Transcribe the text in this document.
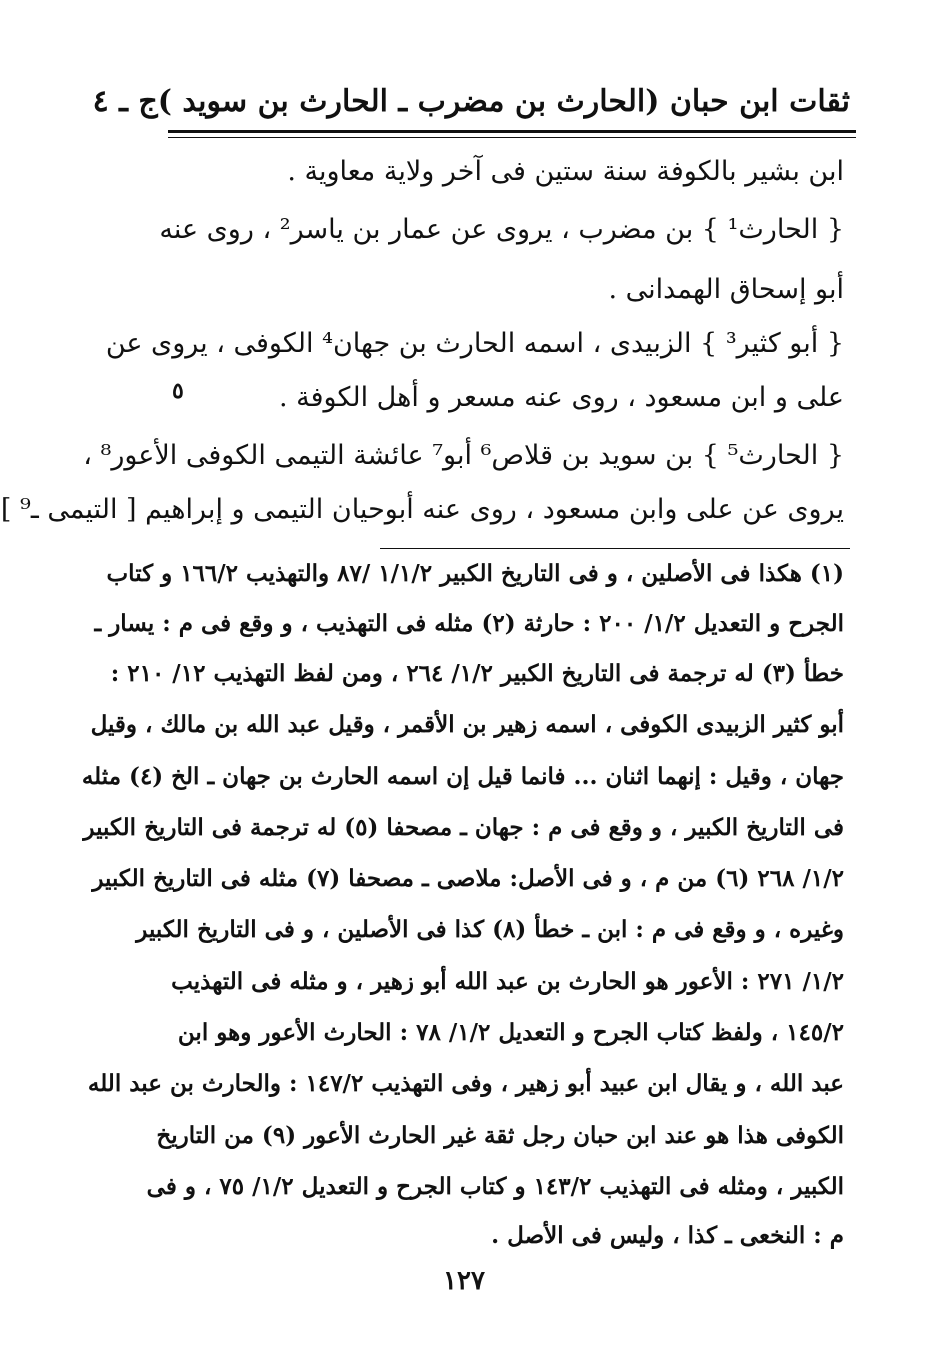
ثقات ابن حبان (الحارث بن مضرب ـ الحارث بن سويد )
ج ـ ٤
ابن بشير بالكوفة سنة ستين فى آخر ولاية معاوية .
{ الحارث¹ } بن مضرب ، يروى عن عمار بن ياسر² ، روى عنه
أبو إسحاق الهمدانى .
{ أبو كثير³ } الزبيدى ، اسمه الحارث بن جهان⁴ الكوفى ، يروى عن
على و ابن مسعود ، روى عنه مسعر و أهل الكوفة .
{ الحارث⁵ } بن سويد بن قلاص⁶ أبو⁷ عائشة التيمى الكوفى الأعور⁸ ،
يروى عن على وابن مسعود ، روى عنه أبوحيان التيمى و إبراهيم [ التيمى ـ⁹ ]
٥
(١) هكذا فى الأصلين ، و فى التاريخ الكبير ١/١/٢ /٨٧ والتهذيب ١٦٦/٢ و كتاب
الجرح و التعديل ١/٢/ ٢٠٠ : حارثة (٢) مثله فى التهذيب ، و وقع فى م : يسار ـ
خطأ (٣) له ترجمة فى التاريخ الكبير ١/٢/ ٢٦٤ ، ومن لفظ التهذيب ١٢/ ٢١٠ :
أبو كثير الزبيدى الكوفى ، اسمه زهير بن الأقمر ، وقيل عبد الله بن مالك ، وقيل
جهان ، وقيل : إنهما اثنان ... فانما قيل إن اسمه الحارث بن جهان ـ الخ (٤) مثله
فى التاريخ الكبير ، و وقع فى م : جهان ـ مصحفا (٥) له ترجمة فى التاريخ الكبير
١/٢/ ٢٦٨ (٦) من م ، و فى الأصل: ملاصى ـ مصحفا (٧) مثله فى التاريخ الكبير
وغيره ، و وقع فى م : ابن ـ خطأ (٨) كذا فى الأصلين ، و فى التاريخ الكبير
١/٢/ ٢٧١ : الأعور هو الحارث بن عبد الله أبو زهير ، و مثله فى التهذيب
١٤٥/٢ ، ولفظ كتاب الجرح و التعديل ١/٢/ ٧٨ : الحارث الأعور وهو ابن
عبد الله ، و يقال ابن عبيد أبو زهير ، وفى التهذيب ١٤٧/٢ : والحارث بن عبد الله
الكوفى هذا هو عند ابن حبان رجل ثقة غير الحارث الأعور (٩) من التاريخ
الكبير ، ومثله فى التهذيب ١٤٣/٢ و كتاب الجرح و التعديل ١/٢/ ٧٥ ، و فى
م : النخعى ـ كذا ، وليس فى الأصل .
١٢٧
